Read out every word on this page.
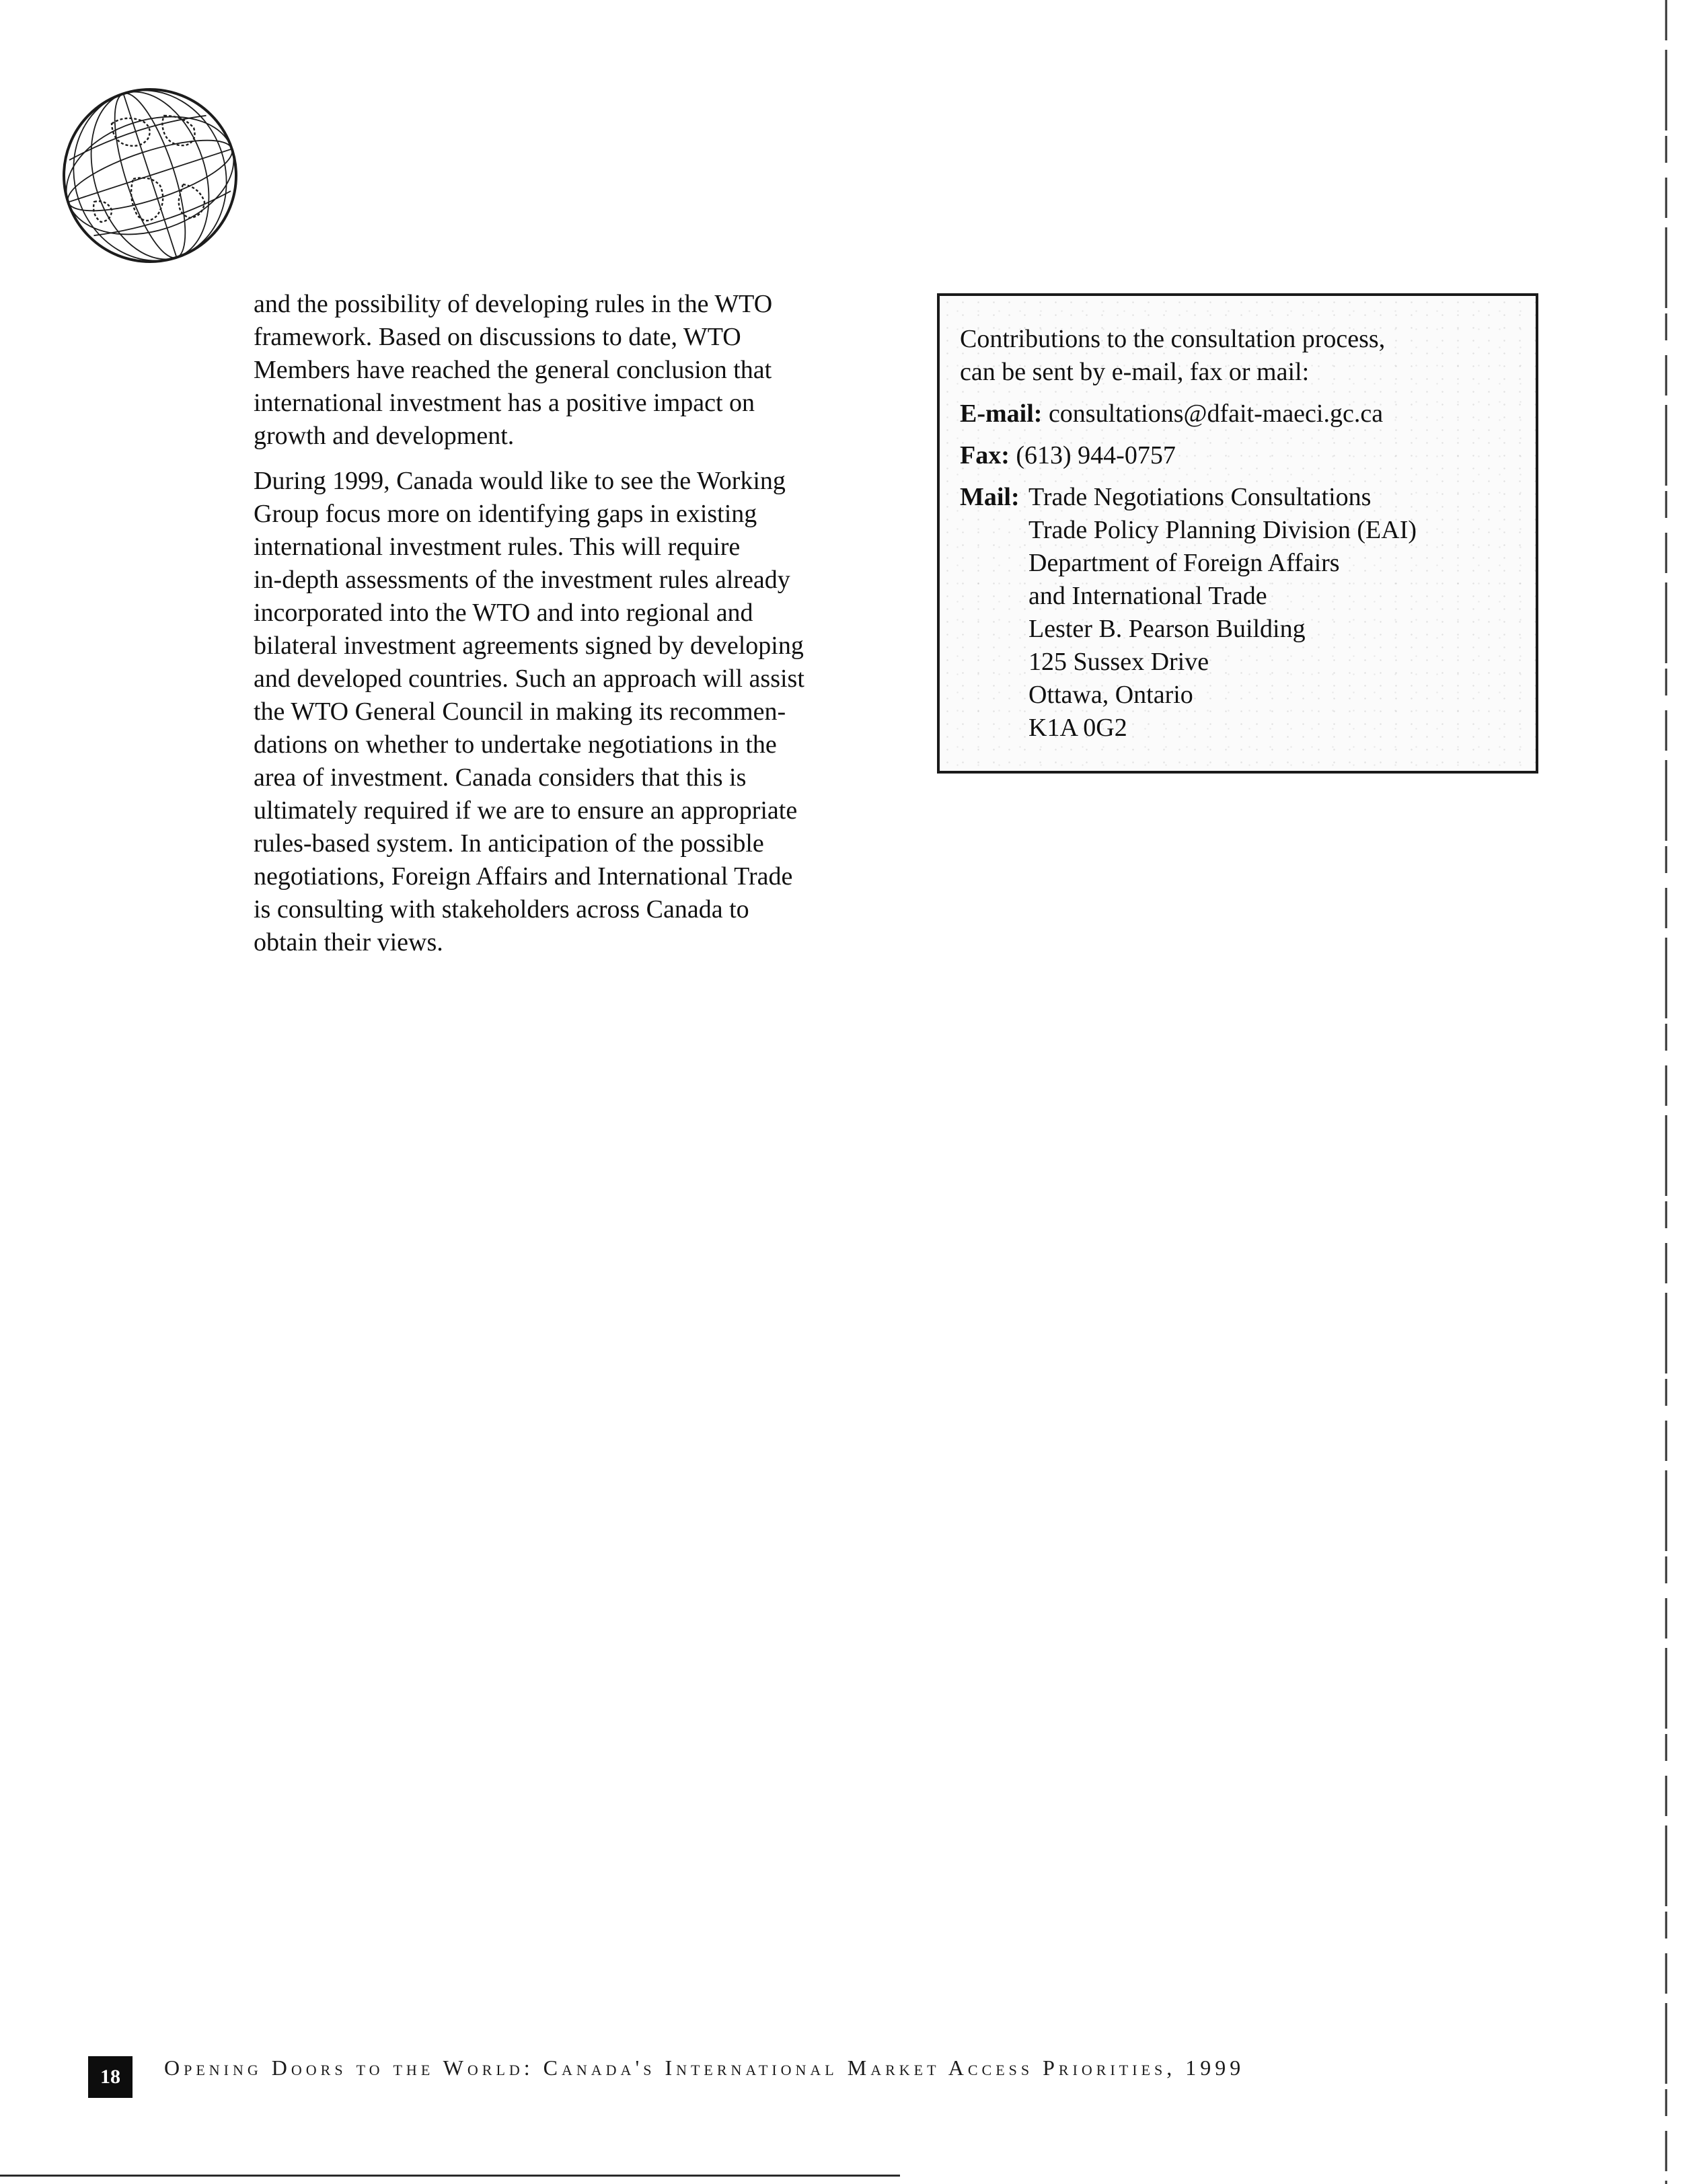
and the possibility of developing rules in the WTO
framework. Based on discussions to date, WTO
Members have reached the general conclusion that
international investment has a positive impact on
growth and development.

During 1999, Canada would like to see the Working
Group focus more on identifying gaps in existing
international investment rules. This will require
in-depth assessments of the investment rules already
incorporated into the WTO and into regional and
bilateral investment agreements signed by developing
and developed countries. Such an approach will assist
the WTO General Council in making its recommen-
dations on whether to undertake negotiations in the
area of investment. Canada considers that this is
ultimately required if we are to ensure an appropriate
rules-based system. In anticipation of the possible
negotiations, Foreign Affairs and International Trade
is consulting with stakeholders across Canada to
obtain their views.

Contributions to the consultation process,
can be sent by e-mail, fax or mail:
E-mail: consultations@dfait-maeci.gc.ca
Fax: (613) 944-0757
Mail: Trade Negotiations Consultations
Trade Policy Planning Division (EAI)
Department of Foreign Affairs
and International Trade
Lester B. Pearson Building
125 Sussex Drive
Ottawa, Ontario
K1A 0G2
18	Opening Doors to the World: Canada's International Market Access Priorities, 1999
